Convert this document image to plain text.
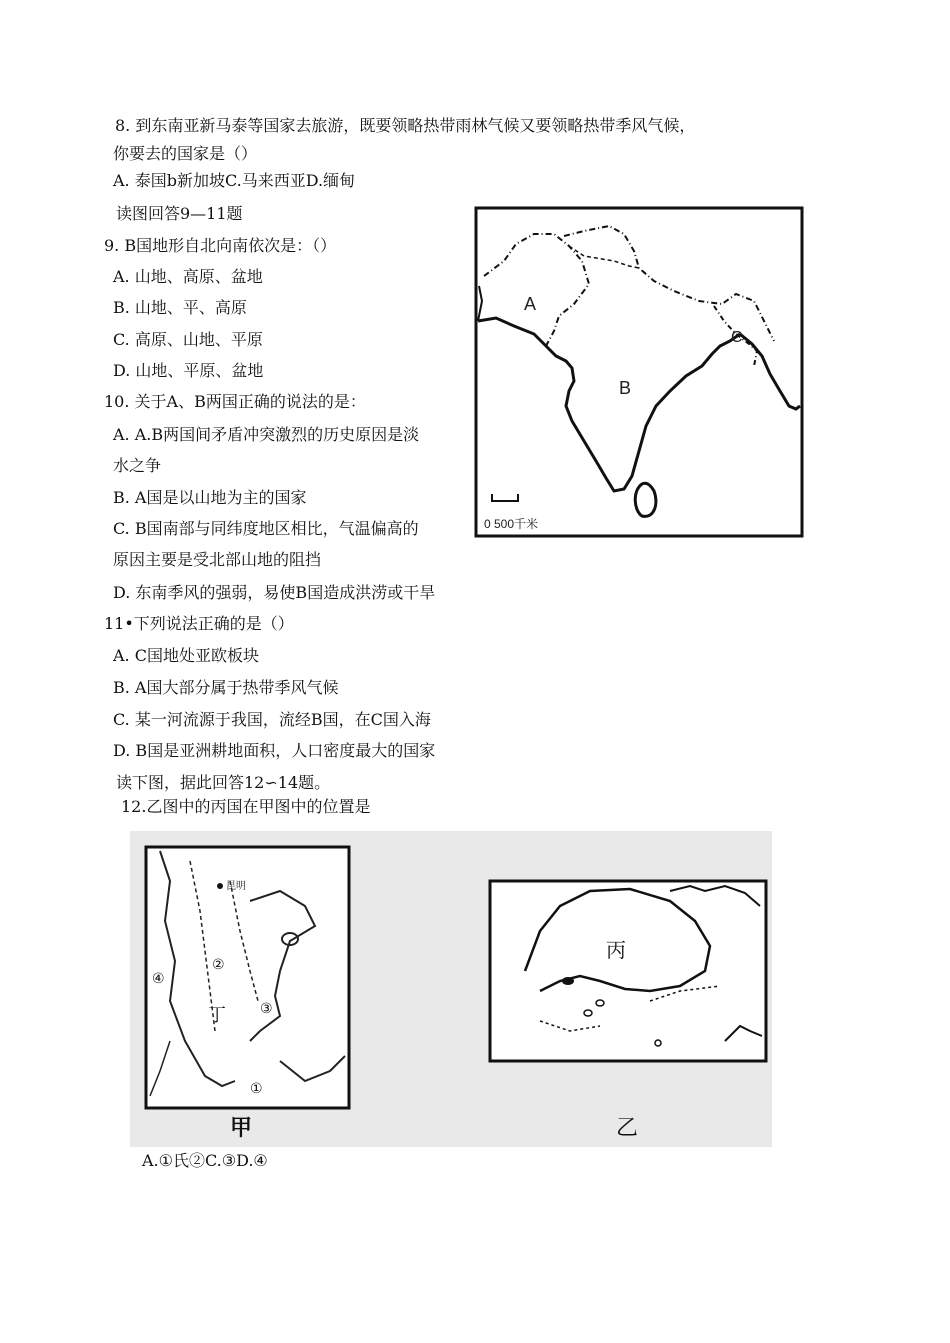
8. 到东南亚新马泰等国家去旅游，既要领略热带雨林气候又要领略热带季风气候，
你要去的国家是（）
A. 泰国b新加坡C.马来西亚D.缅甸
读图回答9—11题
9. B国地形自北向南依次是：（）
A. 山地、高原、盆地
B. 山地、平、高原
C. 高原、山地、平原
D. 山地、平原、盆地
10. 关于A、B两国正确的说法的是：
A. A.B两国间矛盾冲突激烈的历史原因是淡
水之争
B. A国是以山地为主的国家
C. B国南部与同纬度地区相比，气温偏高的
原因主要是受北部山地的阻挡
D. 东南季风的强弱，易使B国造成洪涝或干旱
11•下列说法正确的是（）
A. C国地处亚欧板块
B. A国大部分属于热带季风气候
C. 某一河流源于我国，流经B国，在C国入海
D. B国是亚洲耕地面积，人口密度最大的国家
读下图，据此回答12∽14题。
12.乙图中的丙国在甲图中的位置是
A
B
C
0 500千米
昆明
②
④
丁 ③
①
甲
丙
乙
A.①氏②C.③D.④
